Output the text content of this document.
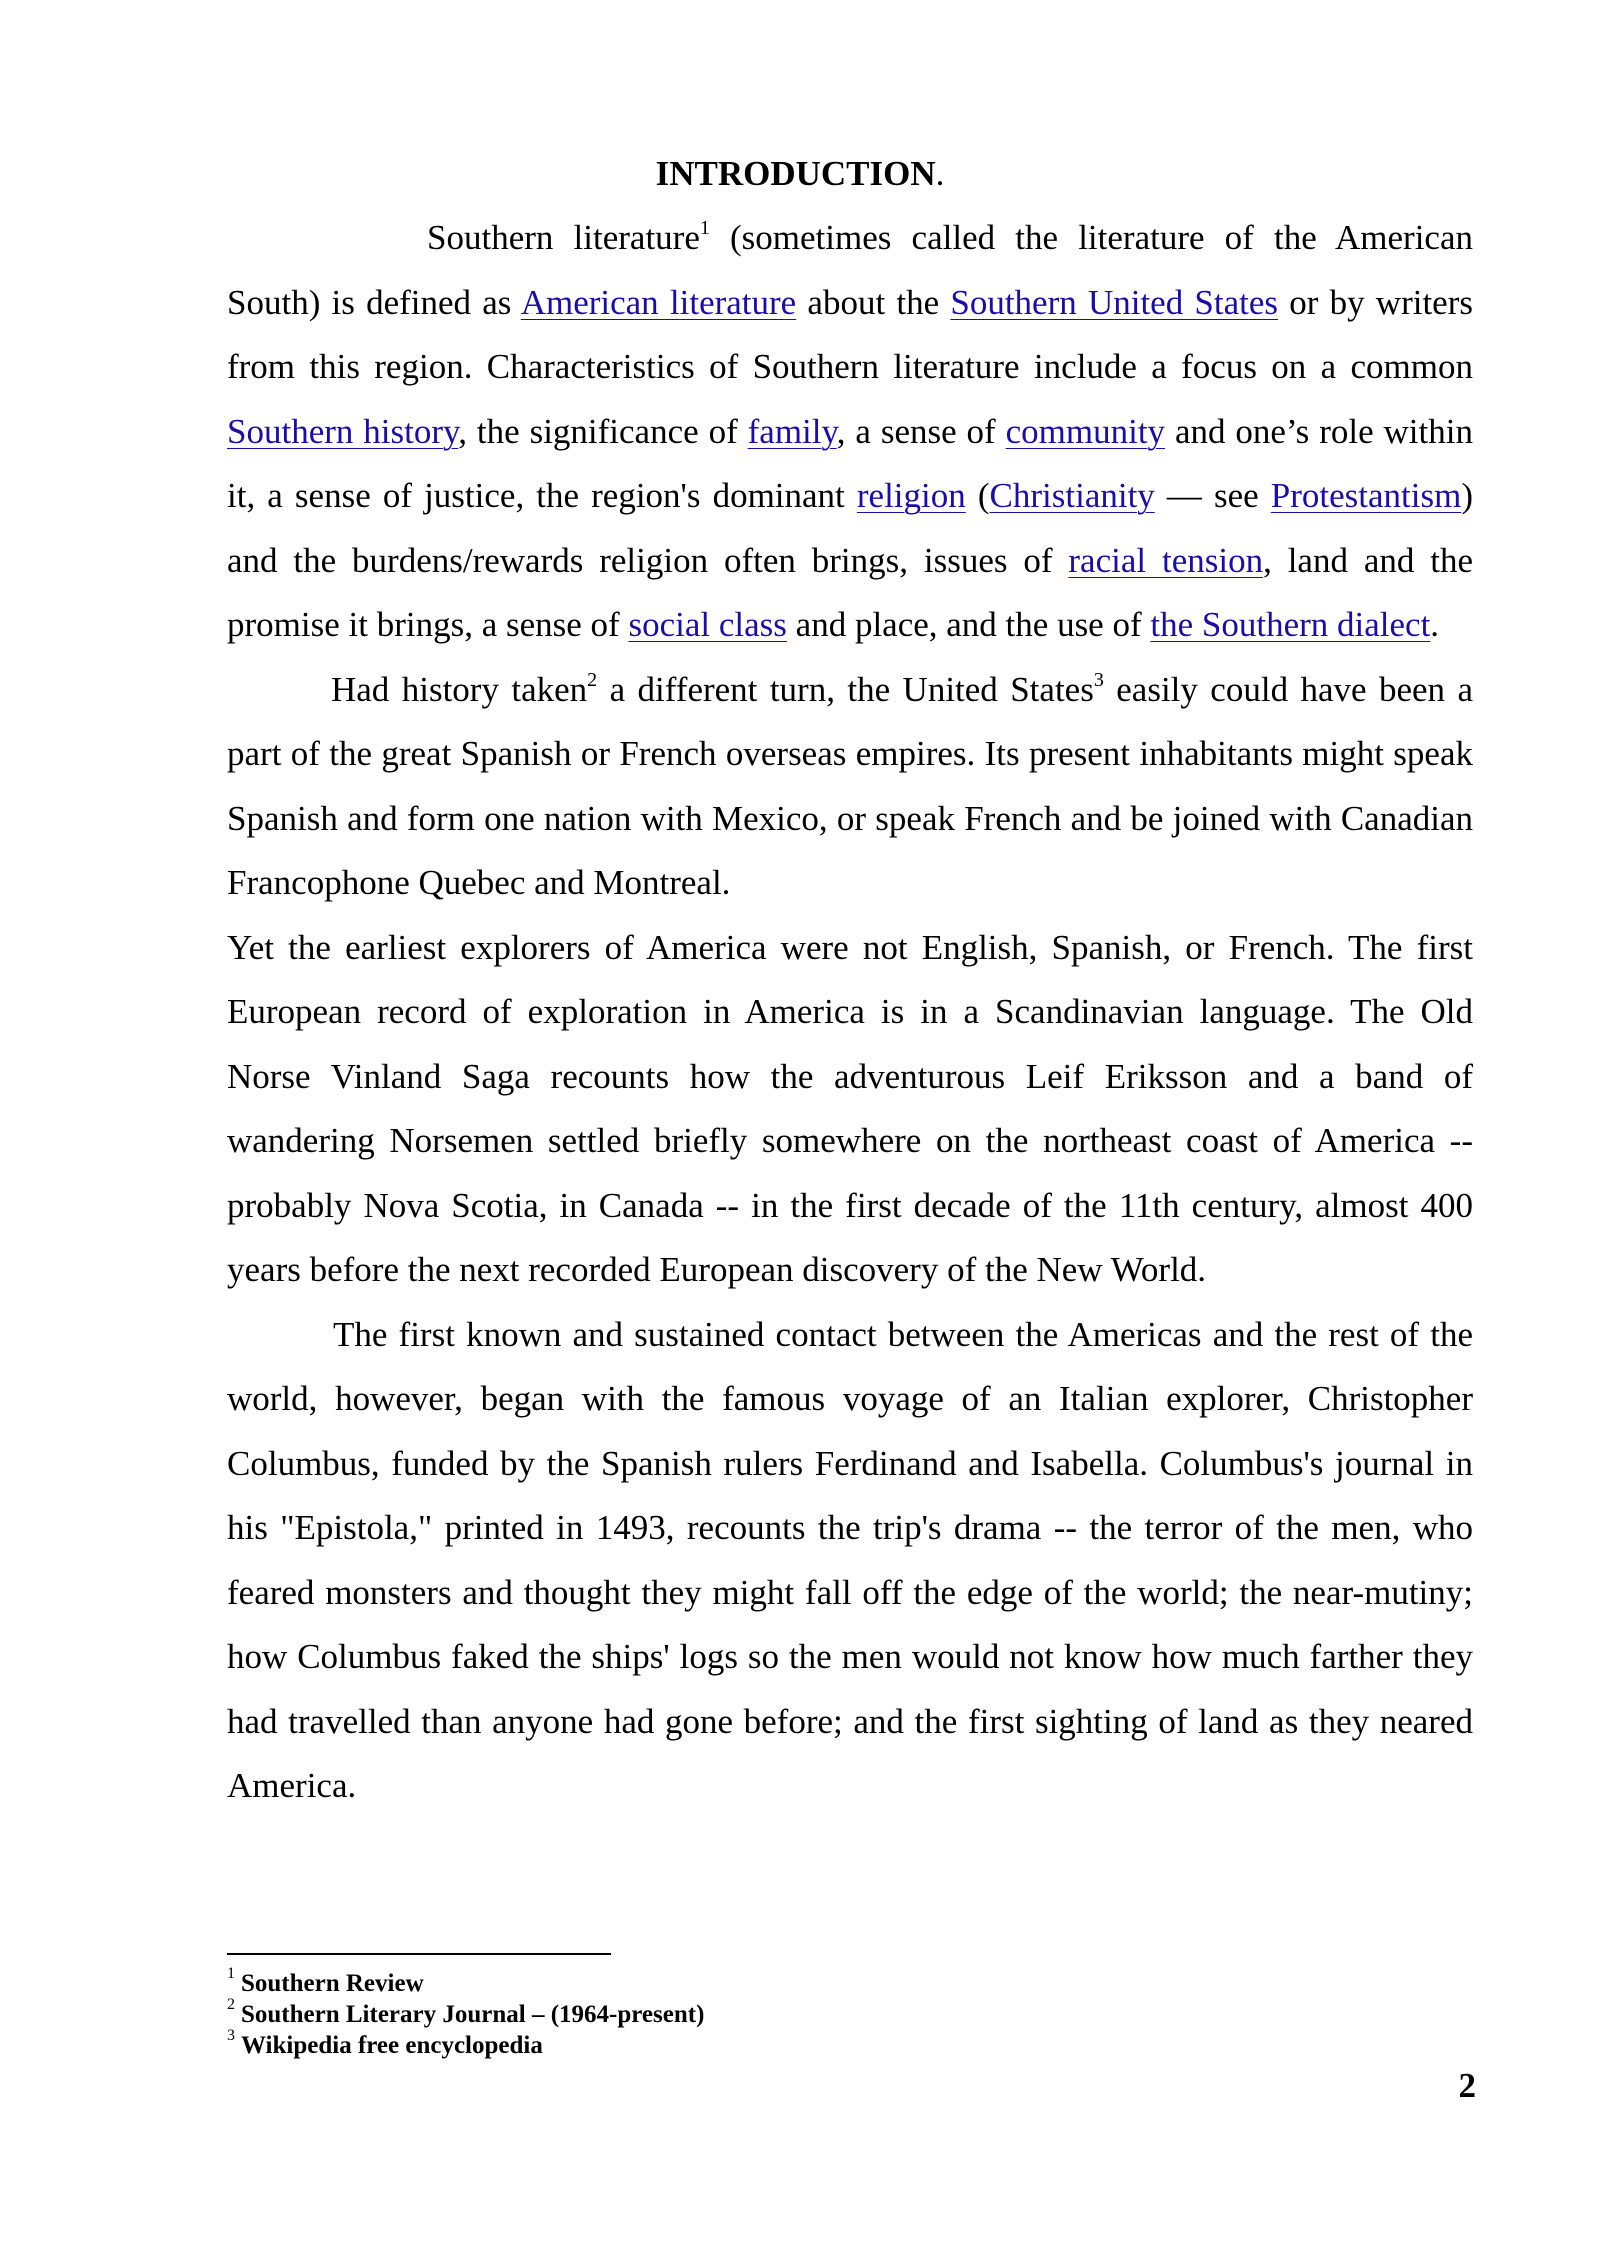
INTRODUCTION.

Southern literature$^1$ (sometimes called the literature of the American South) is defined as American literature about the Southern United States or by writers from this region. Characteristics of Southern literature include a focus on a common Southern history, the significance of family, a sense of community and one’s role within it, a sense of justice, the region's dominant religion (Christianity — see Protestantism) and the burdens/rewards religion often brings, issues of racial tension, land and the promise it brings, a sense of social class and place, and the use of the Southern dialect.

Had history taken$^2$ a different turn, the United States$^3$ easily could have been a part of the great Spanish or French overseas empires. Its present inhabitants might speak Spanish and form one nation with Mexico, or speak French and be joined with Canadian Francophone Quebec and Montreal.

Yet the earliest explorers of America were not English, Spanish, or French. The first European record of exploration in America is in a Scandinavian language. The Old Norse Vinland Saga recounts how the adventurous Leif Eriksson and a band of wandering Norsemen settled briefly somewhere on the northeast coast of America -- probably Nova Scotia, in Canada -- in the first decade of the 11th century, almost 400 years before the next recorded European discovery of the New World.

The first known and sustained contact between the Americas and the rest of the world, however, began with the famous voyage of an Italian explorer, Christopher Columbus, funded by the Spanish rulers Ferdinand and Isabella. Columbus's journal in his "Epistola," printed in 1493, recounts the trip's drama -- the terror of the men, who feared monsters and thought they might fall off the edge of the world; the near-mutiny; how Columbus faked the ships' logs so the men would not know how much farther they had travelled than anyone had gone before; and the first sighting of land as they neared America.

$^1$ Southern Review
$^2$ Southern Literary Journal – (1964-present)
$^3$ Wikipedia free encyclopedia
2
